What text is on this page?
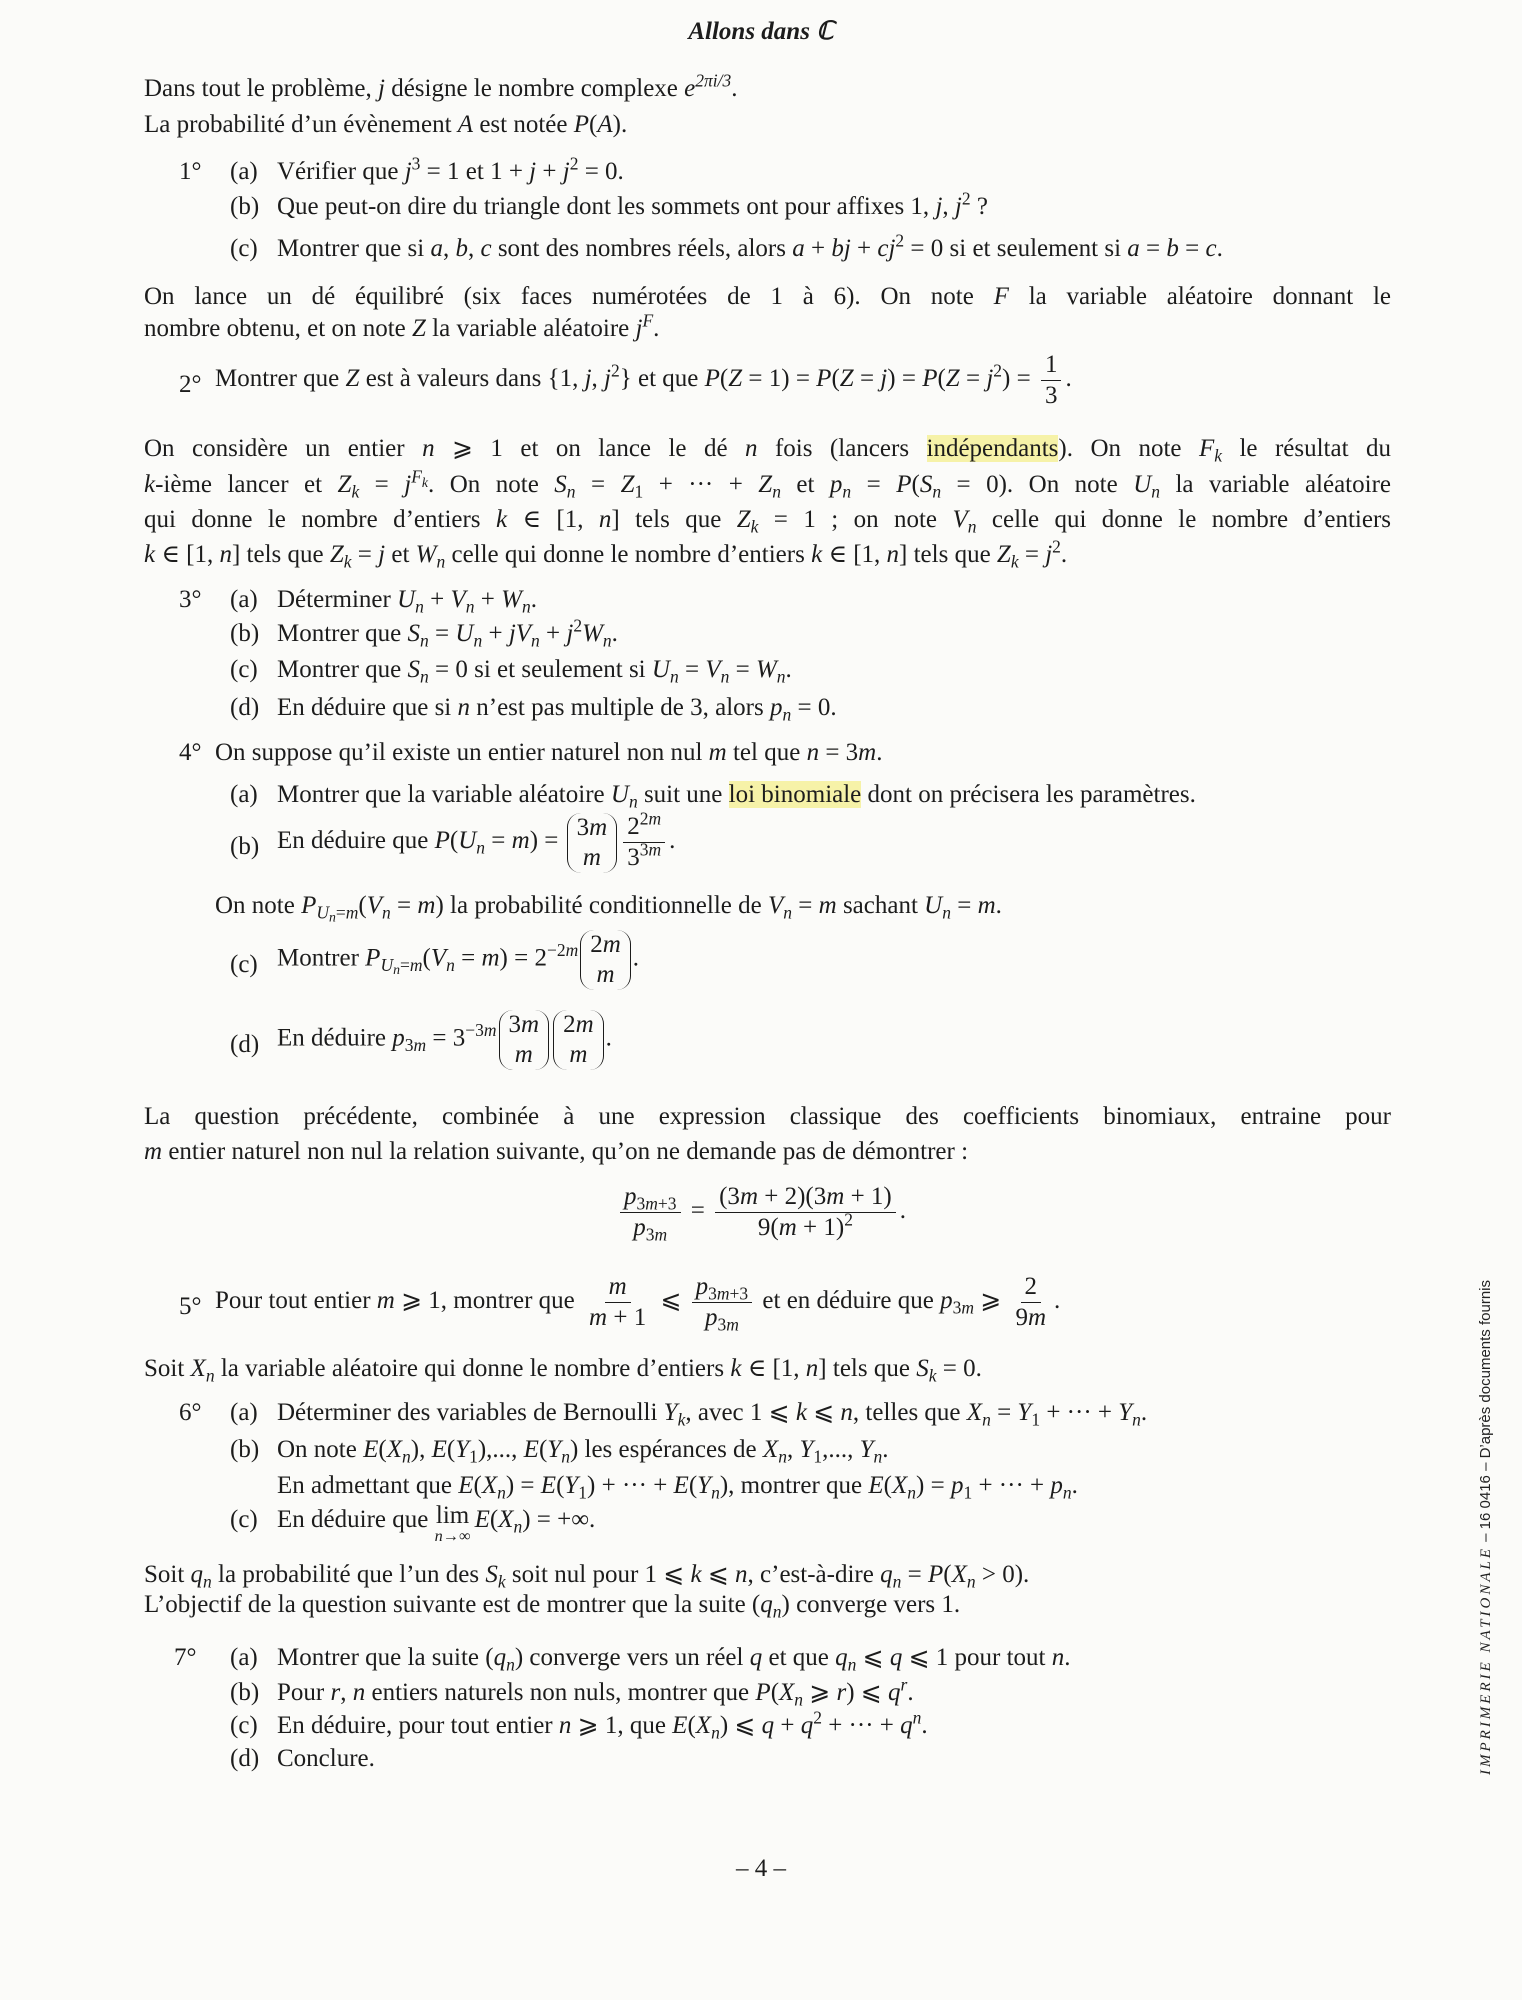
Allons dans ℂ
Dans tout le problème, j désigne le nombre complexe $e^{2\pi i/3}$.
La probabilité d’un évènement A est notée P(A).
1° (a) Vérifier que $j^3 = 1$ et $1 + j + j^2 = 0$.
(b) Que peut-on dire du triangle dont les sommets ont pour affixes 1, j, $j^2$ ?
(c) Montrer que si a, b, c sont des nombres réels, alors a + bj + $cj^2 = 0$ si et seulement si a = b = c.
On lance un dé équilibré (six faces numérotées de 1 à 6). On note F la variable aléatoire donnant le
nombre obtenu, et on note Z la variable aléatoire $j^F$.
2° Montrer que Z est à valeurs dans {1, j, $j^2$} et que $P(Z = 1) = P(Z = j) = P(Z = j^2) = \frac{1}{3}$ .
On considère un entier n ⩾ 1 et on lance le dé n fois (lancers indépendants). On note $F_k$ le résultat du
k-ième lancer et $Z_k = j^Fk$. On note $S_n = Z_1$ + ··· + $Z_n$ et $p_n = P(S_n = 0)$. On note $U_n$ la variable aléatoire
qui donne le nombre d’entiers k ∈ [1, n] tels que $Z_k = 1$ ; on note $V_n$ celle qui donne le nombre d’entiers
k ∈ [1, n] tels que $Z_k = j$ et $W_n$ celle qui donne le nombre d’entiers k ∈ [1, n] tels que $Z_k = j^2$.
3° (a) Déterminer $U_n + V_n + W_n$.
(b) Montrer que $S_n = U_n + jV_n + j^2W_n$.
(c) Montrer que $S_n = 0$ si et seulement si $U_n = V_n = W_n$.
(d) En déduire que si n n’est pas multiple de 3, alors $p_n = 0$.
4° On suppose qu’il existe un entier naturel non nul m tel que n = 3m.
(a) Montrer que la variable aléatoire $U_n$ suit une loi binomiale dont on précisera les paramètres.
(b) En déduire que $P(U_n = m)$ =
3m
m $\frac{2^{2m}}{3^{3m}}$ .
On note $P_{Un=m}(V_n = m)$ la probabilité conditionnelle de $V_n = m$ sachant $U_n = m$.
(c) Montrer $P_{Un=m}(V_n = m) = 2^{-2m}$ 2m
m
.
(d) En déduire $p_{3m} = 3^{-3m}$ 3m
m
2m
m
.
La question précédente, combinée à une expression classique des coefficients binomiaux, entraine pour
m entier naturel non nul la relation suivante, qu’on ne demande pas de démontrer :
$\frac{p_{3m+3}}{p_{3m}} = \frac{(3m + 2)(3m + 1)}{9(m + 1)^2}$ .
5° Pour tout entier m ⩾ 1, montrer que $\frac{m}{m + 1}$ ⩽ $\frac{p_{3m+3}}{p_{3m}}$ et en déduire que $p_{3m}$ ⩾ $\frac{2}{9m}$ .
Soit $X_n$ la variable aléatoire qui donne le nombre d’entiers k ∈ [1, n] tels que $S_k = 0$.
6° (a) Déterminer des variables de Bernoulli $Y_k$, avec 1 ⩽ k ⩽ n, telles que $X_n = Y_1$ + ··· + $Y_n$.
(b) On note $E(X_n)$, $E(Y_1)$,..., $E(Y_n)$ les espérances de $X_n$, $Y_1$,..., $Y_n$.
En admettant que $E(X_n) = E(Y_1)$ + ··· + $E(Y_n)$, montrer que $E(X_n) = p_1$ + ··· + $p_n$.
(c) En déduire que lim
n→∞
$E(X_n)$ = +∞.
Soit $q_n$ la probabilité que l’un des $S_k$ soit nul pour 1 ⩽ k ⩽ n, c’est-à-dire $q_n = P(X_n > 0)$.
L’objectif de la question suivante est de montrer que la suite $(q_n)$ converge vers 1.
7° (a) Montrer que la suite $(q_n)$ converge vers un réel q et que $q_n$ ⩽ q ⩽ 1 pour tout n.
(b) Pour r, n entiers naturels non nuls, montrer que $P(X_n$ ⩾ r) ⩽ $q^r$.
(c) En déduire, pour tout entier n ⩾ 1, que $E(X_n)$ ⩽ $q + q^2$ + ··· + $q^n$.
(d) Conclure.
– 4 –
IMPRIMERIE NATIONALE – 16 0416 – D’après documents fournis
